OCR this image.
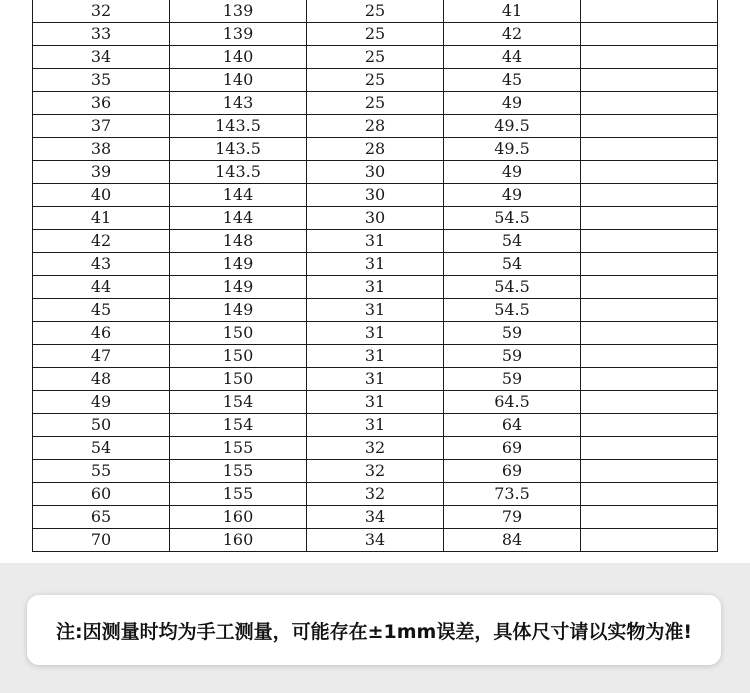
32	139	25	41	
33	139	25	42	
34	140	25	44	
35	140	25	45	
36	143	25	49	
37	143.5	28	49.5	
38	143.5	28	49.5	
39	143.5	30	49	
40	144	30	49	
41	144	30	54.5	
42	148	31	54	
43	149	31	54	
44	149	31	54.5	
45	149	31	54.5	
46	150	31	59	
47	150	31	59	
48	150	31	59	
49	154	31	64.5	
50	154	31	64	
54	155	32	69	
55	155	32	69	
60	155	32	73.5	
65	160	34	79	
70	160	34	84	
注:因测量时均为手工测量，可能存在±1mm误差，具体尺寸请以实物为准!
